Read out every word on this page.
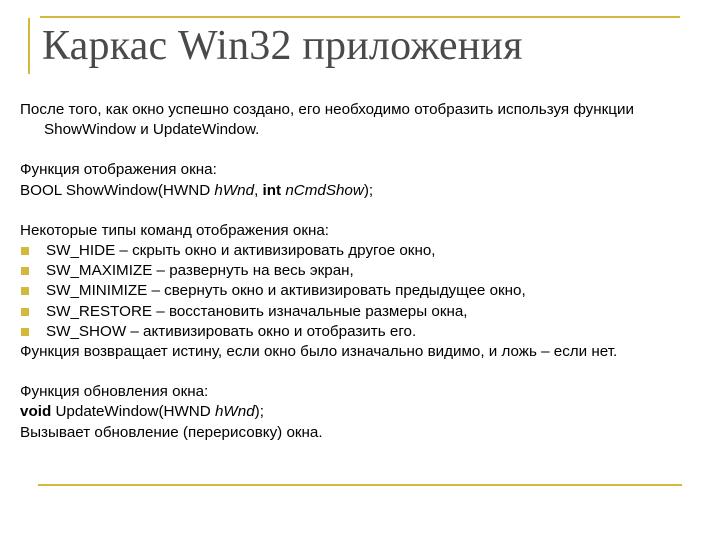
Каркас Win32 приложения

После того, как окно успешно создано, его необходимо отобразить используя функции ShowWindow и UpdateWindow.

Функция отображения окна:

BOOL ShowWindow(HWND hWnd, int nCmdShow);

Некоторые типы команд отображения окна:

SW_HIDE – скрыть окно и активизировать другое окно,
SW_MAXIMIZE – развернуть на весь экран,
SW_MINIMIZE – свернуть окно и активизировать предыдущее окно,
SW_RESTORE – восстановить изначальные размеры окна,
SW_SHOW – активизировать окно и отобразить его.

Функция возвращает истину, если окно было изначально видимо, и ложь – если нет.

Функция обновления окна:

void UpdateWindow(HWND hWnd);

Вызывает обновление (перерисовку) окна.
